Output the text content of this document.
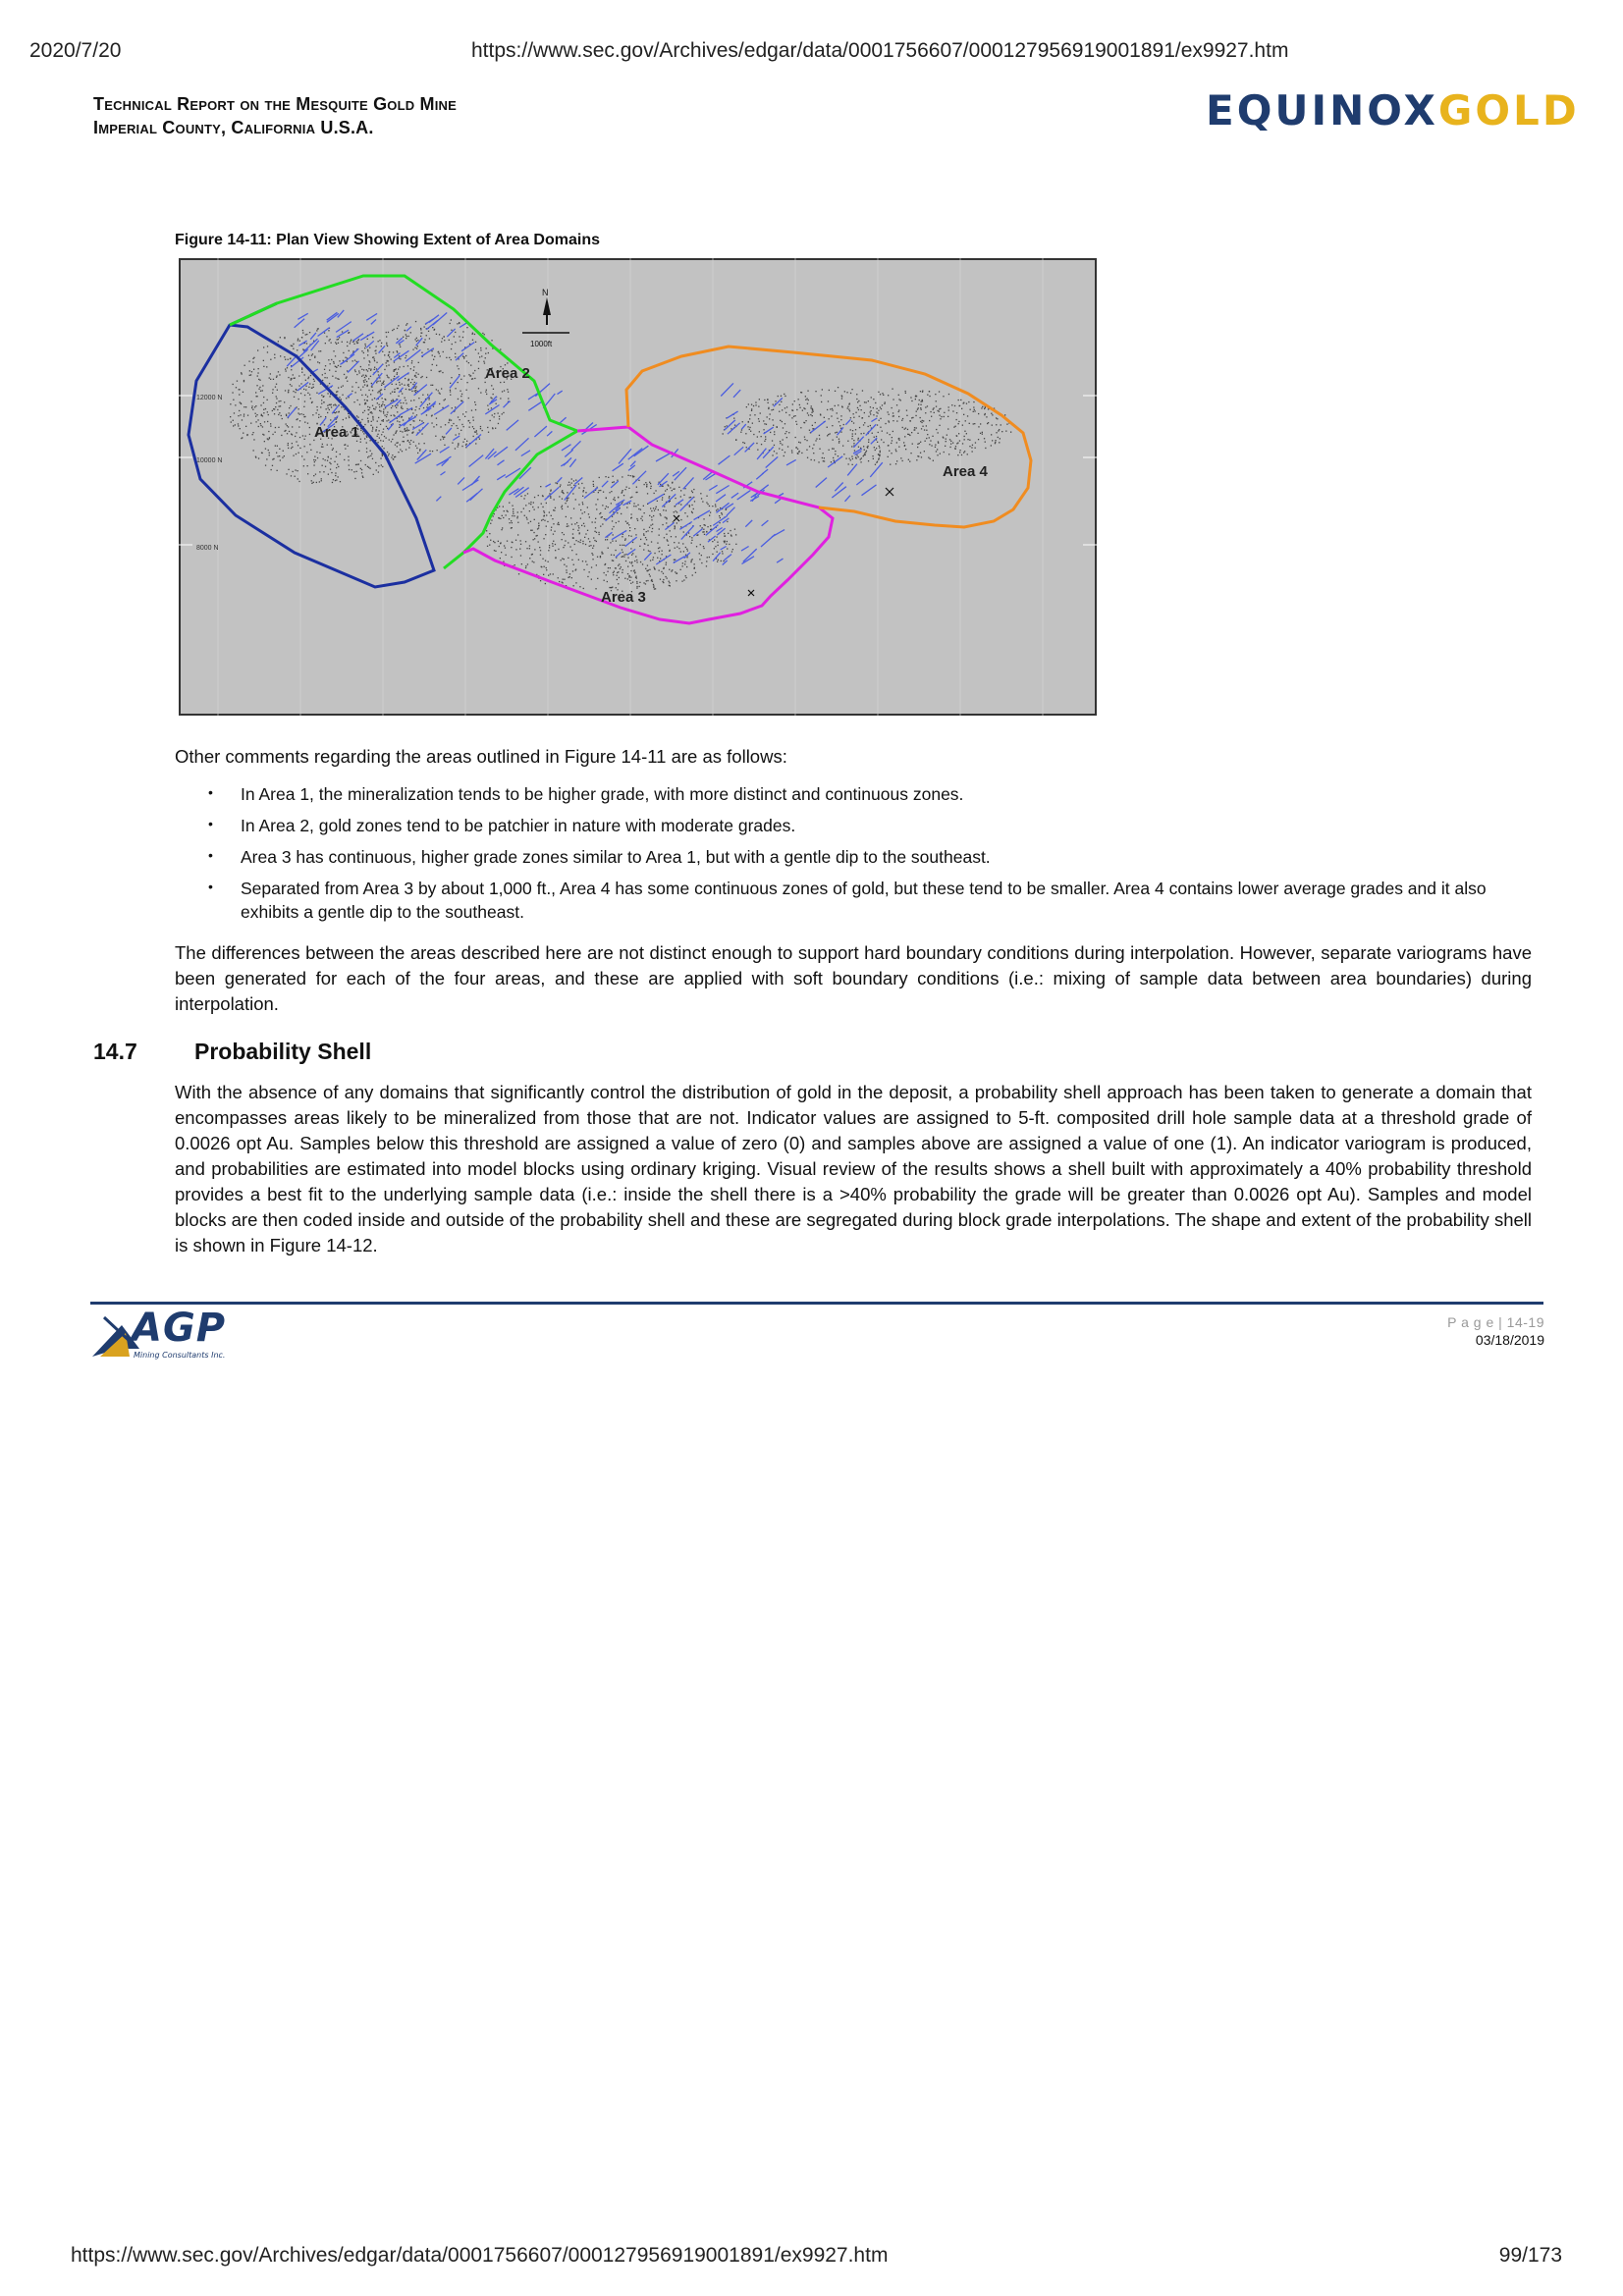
2020/7/20	https://www.sec.gov/Archives/edgar/data/0001756607/000127956919001891/ex9927.htm
Technical Report on the Mesquite Gold Mine
Imperial County, California U.S.A.	EQUINOXGOLD
Figure 14-11: Plan View Showing Extent of Area Domains
Area 1
Area 2
Area 3
Area 4
N
1000ft
12000 N
8000 N
10000 N
Other comments regarding the areas outlined in Figure 14-11 are as follows:
• In Area 1, the mineralization tends to be higher grade, with more distinct and continuous zones.
• In Area 2, gold zones tend to be patchier in nature with moderate grades.
• Area 3 has continuous, higher grade zones similar to Area 1, but with a gentle dip to the southeast.
• Separated from Area 3 by about 1,000 ft., Area 4 has some continuous zones of gold, but these tend to be smaller. Area 4 contains lower average grades and it also exhibits a gentle dip to the southeast.
The differences between the areas described here are not distinct enough to support hard boundary conditions during interpolation. However, separate variograms have been generated for each of the four areas, and these are applied with soft boundary conditions (i.e.: mixing of sample data between area boundaries) during interpolation.
14.7	Probability Shell
With the absence of any domains that significantly control the distribution of gold in the deposit, a probability shell approach has been taken to generate a domain that encompasses areas likely to be mineralized from those that are not. Indicator values are assigned to 5-ft. composited drill hole sample data at a threshold grade of 0.0026 opt Au. Samples below this threshold are assigned a value of zero (0) and samples above are assigned a value of one (1). An indicator variogram is produced, and probabilities are estimated into model blocks using ordinary kriging. Visual review of the results shows a shell built with approximately a 40% probability threshold provides a best fit to the underlying sample data (i.e.: inside the shell there is a >40% probability the grade will be greater than 0.0026 opt Au). Samples and model blocks are then coded inside and outside of the probability shell and these are segregated during block grade interpolations. The shape and extent of the probability shell is shown in Figure 14-12.
AGP
Mining Consultants Inc.
P a g e | 14-19
03/18/2019
https://www.sec.gov/Archives/edgar/data/0001756607/000127956919001891/ex9927.htm	99/173
